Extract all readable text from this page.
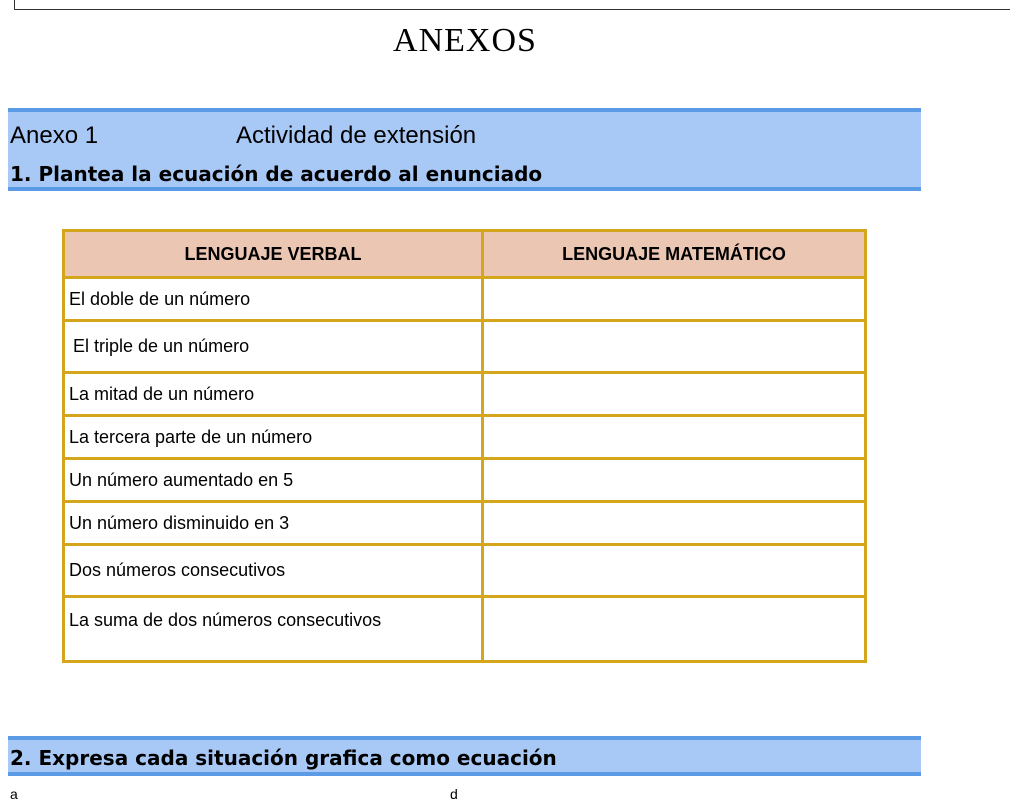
ANEXOS
Anexo 1	Actividad de extensión
1. Plantea la ecuación de acuerdo al enunciado
LENGUAJE VERBAL	LENGUAJE MATEMÁTICO
El doble de un número	
El triple de un número	
La mitad de un número	
La tercera parte de un número	
Un número aumentado en 5	
Un número disminuido en 3	
Dos números consecutivos	
La suma de dos números consecutivos	
2. Expresa cada situación grafica como ecuación
a	d
